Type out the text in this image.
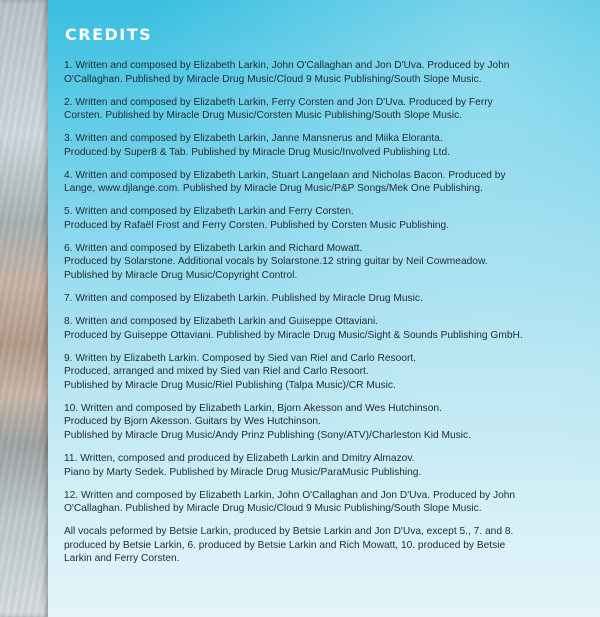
CREDITS
1. Written and composed by Elizabeth Larkin, John O'Callaghan and Jon D'Uva. Produced by John
O'Callaghan. Published by Miracle Drug Music/Cloud 9 Music Publishing/South Slope Music.
2. Written and composed by Elizabeth Larkin, Ferry Corsten and Jon D'Uva. Produced by Ferry
Corsten. Published by Miracle Drug Music/Corsten Music Publishing/South Slope Music.
3. Written and composed by Elizabeth Larkin, Janne Mansnerus and Miika Eloranta.
Produced by Super8 & Tab. Published by Miracle Drug Music/Involved Publishing Ltd.
4. Written and composed by Elizabeth Larkin, Stuart Langelaan and Nicholas Bacon. Produced by
Lange, www.djlange.com. Published by Miracle Drug Music/P&P Songs/Mek One Publishing.
5. Written and composed by Elizabeth Larkin and Ferry Corsten.
Produced by Rafaël Frost and Ferry Corsten. Published by Corsten Music Publishing.
6. Written and composed by Elizabeth Larkin and Richard Mowatt.
Produced by Solarstone. Additional vocals by Solarstone.12 string guitar by Neil Cowmeadow.
Published by Miracle Drug Music/Copyright Control.
7. Written and composed by Elizabeth Larkin. Published by Miracle Drug Music.
8. Written and composed by Elizabeth Larkin and Guiseppe Ottaviani.
Produced by Guiseppe Ottaviani. Published by Miracle Drug Music/Sight & Sounds Publishing GmbH.
9. Written by Elizabeth Larkin. Composed by Sied van Riel and Carlo Resoort.
Produced, arranged and mixed by Sied van Riel and Carlo Resoort.
Published by Miracle Drug Music/Riel Publishing (Talpa Music)/CR Music.
10. Written and composed by Elizabeth Larkin, Bjorn Akesson and Wes Hutchinson.
Produced by Bjorn Akesson. Guitars by Wes Hutchinson.
Published by Miracle Drug Music/Andy Prinz Publishing (Sony/ATV)/Charleston Kid Music.
11. Written, composed and produced by Elizabeth Larkin and Dmitry Almazov.
Piano by Marty Sedek. Published by Miracle Drug Music/ParaMusic Publishing.
12. Written and composed by Elizabeth Larkin, John O'Callaghan and Jon D'Uva. Produced by John
O'Callaghan. Published by Miracle Drug Music/Cloud 9 Music Publishing/South Slope Music.
All vocals peformed by Betsie Larkin, produced by Betsie Larkin and Jon D'Uva, except 5., 7. and 8.
produced by Betsie Larkin, 6. produced by Betsie Larkin and Rich Mowatt, 10. produced by Betsie
Larkin and Ferry Corsten.
